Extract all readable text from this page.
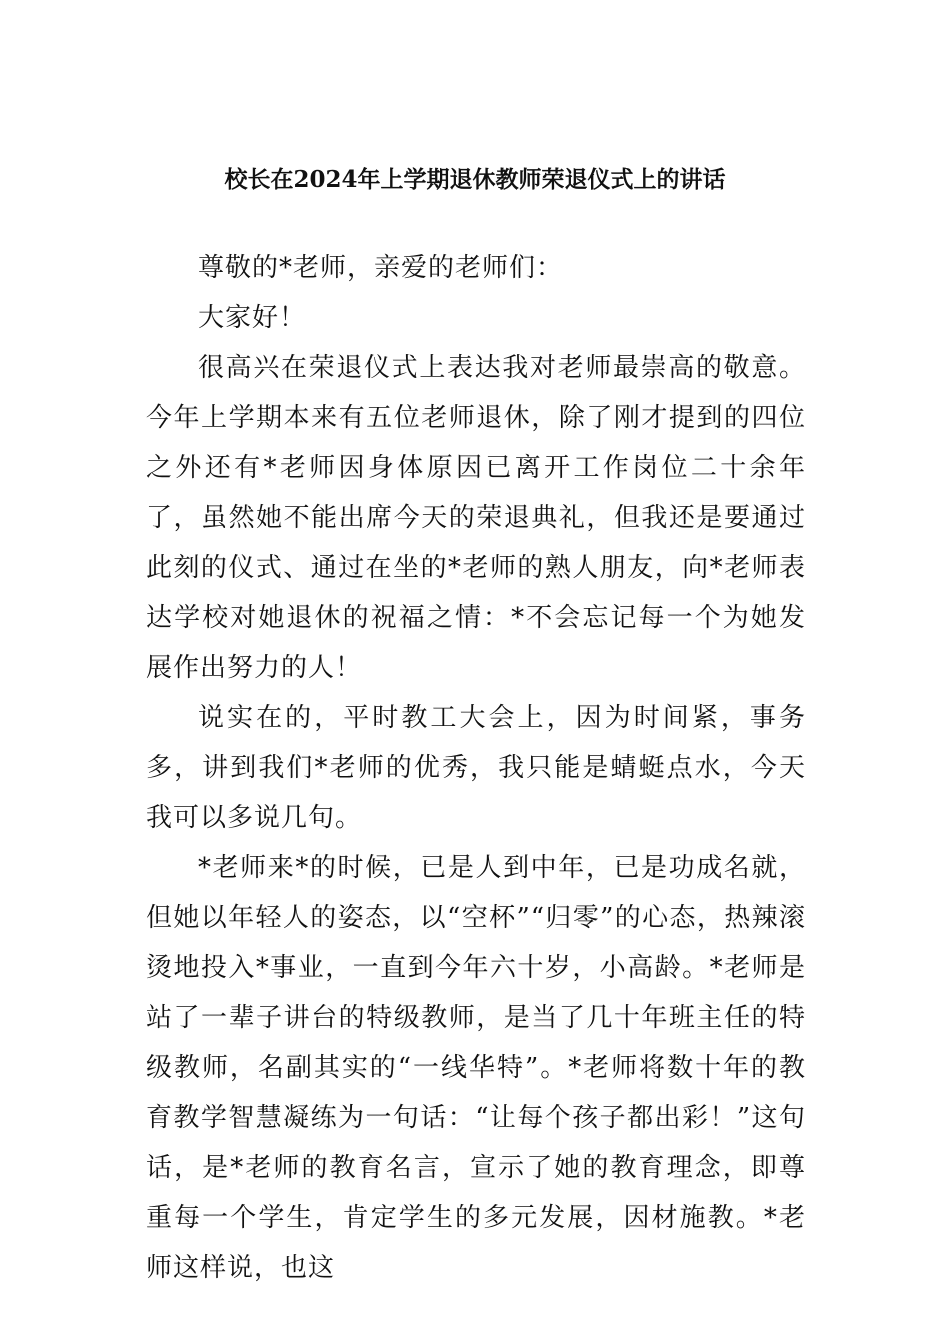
校长在2024年上学期退休教师荣退仪式上的讲话

尊敬的*老师，亲爱的老师们：

大家好！

很高兴在荣退仪式上表达我对老师最崇高的敬意。今年上学期本来有五位老师退休，除了刚才提到的四位之外还有*老师因身体原因已离开工作岗位二十余年了，虽然她不能出席今天的荣退典礼，但我还是要通过此刻的仪式、通过在坐的*老师的熟人朋友，向*老师表达学校对她退休的祝福之情：*不会忘记每一个为她发展作出努力的人！

说实在的，平时教工大会上，因为时间紧，事务多，讲到我们*老师的优秀，我只能是蜻蜓点水，今天我可以多说几句。

*老师来*的时候，已是人到中年，已是功成名就，但她以年轻人的姿态，以“空杯”“归零”的心态，热辣滚烫地投入*事业，一直到今年六十岁，小高龄。*老师是站了一辈子讲台的特级教师，是当了几十年班主任的特级教师，名副其实的“一线华特”。*老师将数十年的教育教学智慧凝练为一句话：“让每个孩子都出彩！”这句话，是*老师的教育名言，宣示了她的教育理念，即尊重每一个学生，肯定学生的多元发展，因材施教。*老师这样说，也这
